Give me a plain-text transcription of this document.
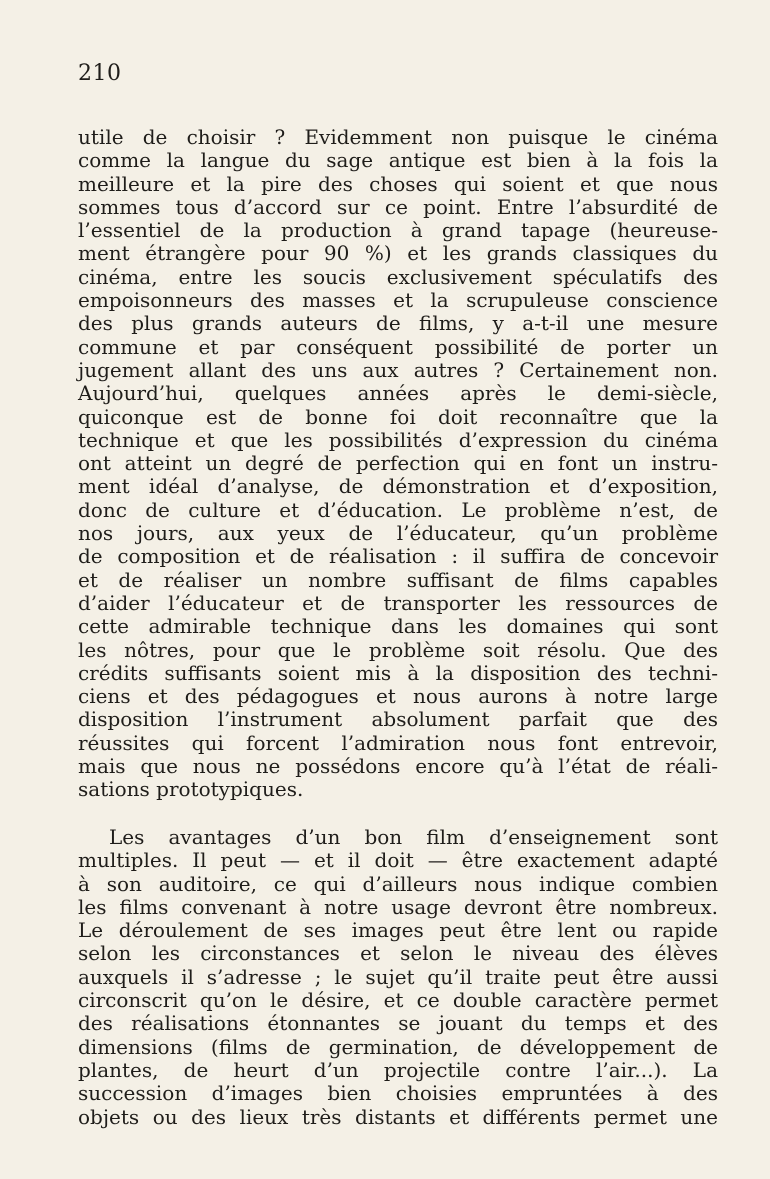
210
utile de choisir ? Evidemment non puisque le cinéma
comme la langue du sage antique est bien à la fois la
meilleure et la pire des choses qui soient et que nous
sommes tous d’accord sur ce point. Entre l’absurdité de
l’essentiel de la production à grand tapage (heureuse-
ment étrangère pour 90 %) et les grands classiques du
cinéma, entre les soucis exclusivement spéculatifs des
empoisonneurs des masses et la scrupuleuse conscience
des plus grands auteurs de films, y a-t-il une mesure
commune et par conséquent possibilité de porter un
jugement allant des uns aux autres ? Certainement non.
Aujourd’hui, quelques années après le demi-siècle,
quiconque est de bonne foi doit reconnaître que la
technique et que les possibilités d’expression du cinéma
ont atteint un degré de perfection qui en font un instru-
ment idéal d’analyse, de démonstration et d’exposition,
donc de culture et d’éducation. Le problème n’est, de
nos jours, aux yeux de l’éducateur, qu’un problème
de composition et de réalisation : il suffira de concevoir
et de réaliser un nombre suffisant de films capables
d’aider l’éducateur et de transporter les ressources de
cette admirable technique dans les domaines qui sont
les nôtres, pour que le problème soit résolu. Que des
crédits suffisants soient mis à la disposition des techni-
ciens et des pédagogues et nous aurons à notre large
disposition l’instrument absolument parfait que des
réussites qui forcent l’admiration nous font entrevoir,
mais que nous ne possédons encore qu’à l’état de réali-
sations prototypiques.
Les avantages d’un bon film d’enseignement sont
multiples. Il peut — et il doit — être exactement adapté
à son auditoire, ce qui d’ailleurs nous indique combien
les films convenant à notre usage devront être nombreux.
Le déroulement de ses images peut être lent ou rapide
selon les circonstances et selon le niveau des élèves
auxquels il s’adresse ; le sujet qu’il traite peut être aussi
circonscrit qu’on le désire, et ce double caractère permet
des réalisations étonnantes se jouant du temps et des
dimensions (films de germination, de développement de
plantes, de heurt d’un projectile contre l’air...). La
succession d’images bien choisies empruntées à des
objets ou des lieux très distants et différents permet une
